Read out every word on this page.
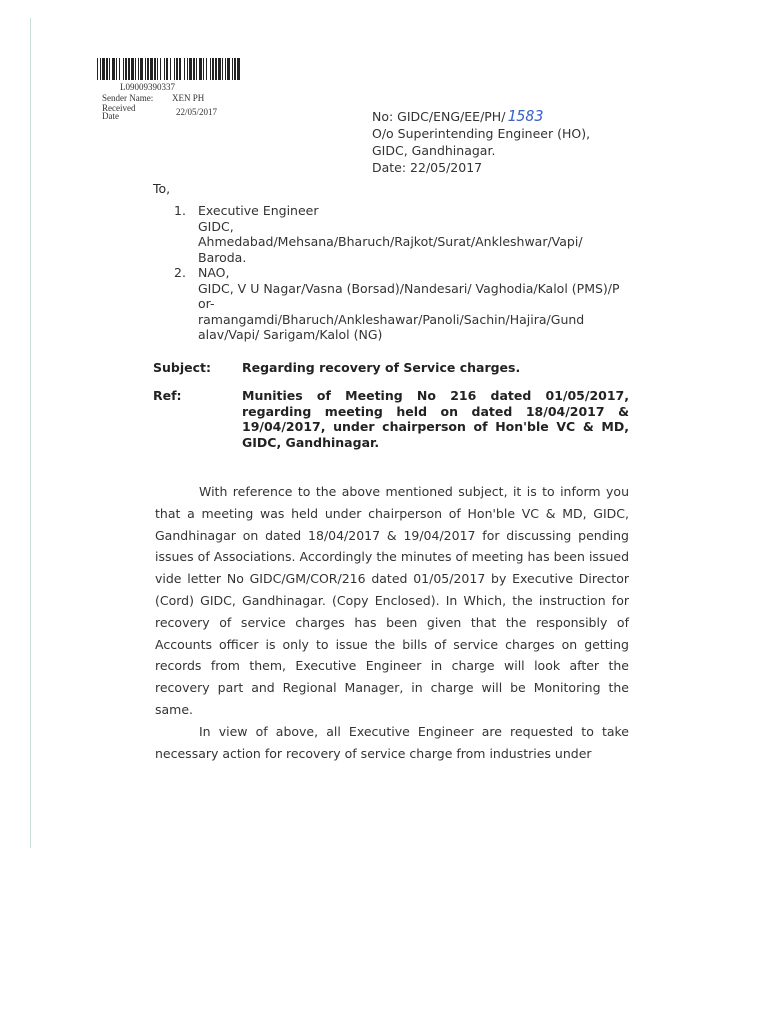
L09009390337
Sender Name:	XEN PH
Received
Date	22/05/2017	No: GIDC/ENG/EE/PH/ 1583
O/o Superintending Engineer (HO),
GIDC, Gandhinagar.
Date: 22/05/2017
To,
1. Executive Engineer
GIDC,
Ahmedabad/Mehsana/Bharuch/Rajkot/Surat/Ankleshwar/Vapi/
Baroda.
2. NAO,
GIDC, V U Nagar/Vasna (Borsad)/Nandesari/ Vaghodia/Kalol (PMS)/Por-
ramangamdi/Bharuch/Ankleshawar/Panoli/Sachin/Hajira/Gund
alav/Vapi/ Sarigam/Kalol (NG)
Subject:	Regarding recovery of Service charges.
Ref:	Munities of Meeting No 216 dated 01/05/2017, regarding meeting held on dated 18/04/2017 & 19/04/2017, under chairperson of Hon'ble VC & MD, GIDC, Gandhinagar.

With reference to the above mentioned subject, it is to inform you that a meeting was held under chairperson of Hon'ble VC & MD, GIDC, Gandhinagar on dated 18/04/2017 & 19/04/2017 for discussing pending issues of Associations. Accordingly the minutes of meeting has been issued vide letter No GIDC/GM/COR/216 dated 01/05/2017 by Executive Director (Cord) GIDC, Gandhinagar. (Copy Enclosed). In Which, the instruction for recovery of service charges has been given that the responsibly of Accounts officer is only to issue the bills of service charges on getting records from them, Executive Engineer in charge will look after the recovery part and Regional Manager, in charge will be Monitoring the same.

In view of above, all Executive Engineer are requested to take necessary action for recovery of service charge from industries under
